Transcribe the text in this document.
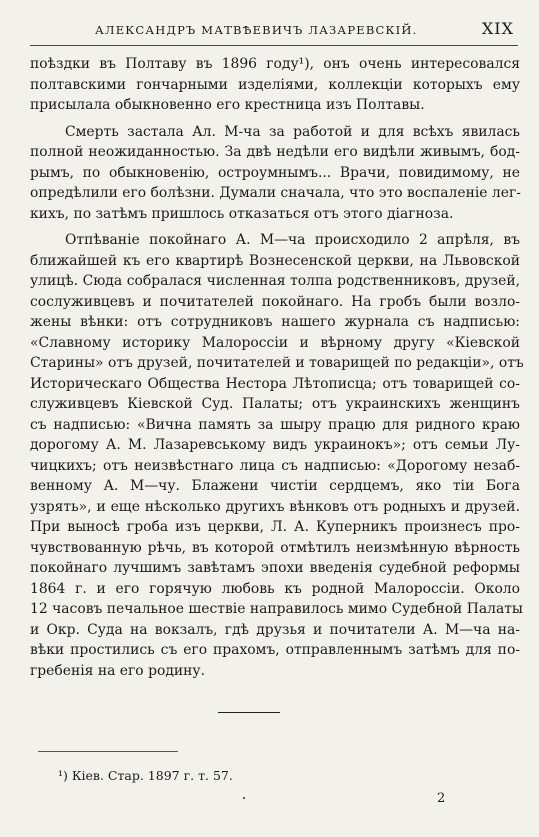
АЛЕКСАНДРЪ МАТВѢЕВИЧЪ ЛАЗАРЕВСКІЙ.	XIX
поѣздки въ Полтаву въ 1896 году¹), онъ очень интересовался
полтавскими гончарными изделіями, коллекціи которыхъ ему
присылала обыкновенно его крестница изъ Полтавы.
Смерть застала Ал. М-ча за работой и для всѣхъ явилась
полной неожиданностью. За двѣ недѣли его видѣли живымъ, бод-
рымъ, по обыкновенію, остроумнымъ... Врачи, повидимому, не
опредѣлили его болѣзни. Думали сначала, что это воспаленіе лег-
кихъ, по затѣмъ пришлось отказаться отъ этого діагноза.
Отпѣваніе покойнаго А. М—ча происходило 2 апрѣля, въ
ближайшей къ его квартирѣ Вознесенской церкви, на Львовской
улицѣ. Сюда собралася численная толпа родственниковъ, друзей,
сослуживцевъ и почитателей покойнаго. На гробъ были возло-
жены вѣнки: отъ сотрудниковъ нашего журнала съ надписью:
«Славному историку Малороссіи и вѣрному другу «Кіевской
Старины» отъ друзей, почитателей и товарищей по редакціи», отъ
Историческаго Общества Нестора Лѣтописца; отъ товарищей со-
служивцевъ Кіевской Суд. Палаты; отъ украинскихъ женщинъ
съ надписью: «Вична память за шыру працю для ридного краю
дорогому А. М. Лазаревському видъ украинокъ»; отъ семьи Лу-
чицкихъ; отъ неизвѣстнаго лица съ надписью: «Дорогому незаб-
венному А. М—чу. Блажени чистіи сердцемъ, яко тіи Бога
узрять», и еще нѣсколько другихъ вѣнковъ отъ родныхъ и друзей.
При выносѣ гроба изъ церкви, Л. А. Куперникъ произнесъ про-
чувствованную рѣчь, въ которой отмѣтилъ неизмѣнную вѣрность
покойнаго лучшимъ завѣтамъ эпохи введенія судебной реформы
1864 г. и его горячую любовь къ родной Малороссіи. Около
12 часовъ печальное шествіе направилось мимо Судебной Палаты
и Окр. Суда на вокзалъ, гдѣ друзья и почитатели А. М—ча на-
вѣки простились съ его прахомъ, отправленнымъ затѣмъ для по-
гребенія на его родину.
¹) Кіев. Стар. 1897 г. т. 57.
2
